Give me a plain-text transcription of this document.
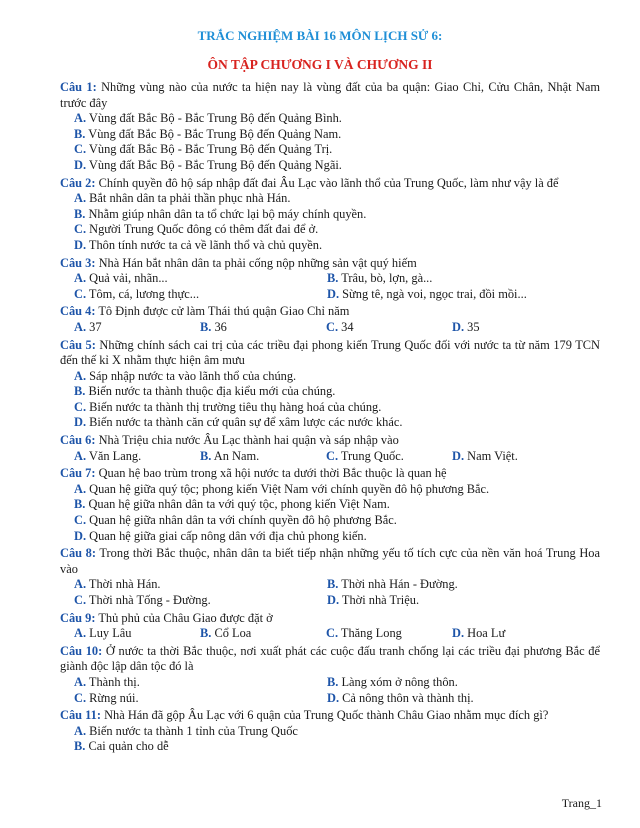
TRẮC NGHIỆM BÀI 16 MÔN LỊCH SỬ 6:
ÔN TẬP CHƯƠNG I VÀ CHƯƠNG II
Câu 1: Những vùng nào của nước ta hiện nay là vùng đất của ba quận: Giao Chỉ, Cửu Chân, Nhật Nam trước đây
A. Vùng đất Bắc Bộ - Bắc Trung Bộ đến Quảng Bình.
B. Vùng đất Bắc Bộ - Bắc Trung Bộ đến Quảng Nam.
C. Vùng đất Bắc Bộ - Bắc Trung Bộ đến Quảng Trị.
D. Vùng đất Bắc Bộ - Bắc Trung Bộ đến Quảng Ngãi.
Câu 2: Chính quyền đô hộ sáp nhập đất đai Âu Lạc vào lãnh thổ của Trung Quốc, làm như vậy là để
A. Bắt nhân dân ta phải thần phục nhà Hán.
B. Nhằm giúp nhân dân ta tổ chức lại bộ máy chính quyền.
C. Người Trung Quốc đông có thêm đất đai để ở.
D. Thôn tính nước ta cả về lãnh thổ và chủ quyền.
Câu 3: Nhà Hán bắt nhân dân ta phải cống nộp những sản vật quý hiếm
A. Quả vải, nhãn...	B. Trâu, bò, lợn, gà...
C. Tôm, cá, lương thực...	D. Sừng tê, ngà voi, ngọc trai, đồi mồi...
Câu 4: Tô Định được cử làm Thái thú quận Giao Chỉ năm
A. 37	B. 36	C. 34	D. 35
Câu 5: Những chính sách cai trị của các triều đại phong kiến Trung Quốc đối với nước ta từ năm 179 TCN đến thế kỉ X nhằm thực hiện âm mưu
A. Sáp nhập nước ta vào lãnh thổ của chúng.
B. Biến nước ta thành thuộc địa kiểu mới của chúng.
C. Biến nước ta thành thị trường tiêu thụ hàng hoá của chúng.
D. Biến nước ta thành căn cứ quân sự để xâm lược các nước khác.
Câu 6: Nhà Triệu chia nước Âu Lạc thành hai quận và sáp nhập vào
A. Văn Lang.	B. An Nam.	C. Trung Quốc.	D. Nam Việt.
Câu 7: Quan hệ bao trùm trong xã hội nước ta dưới thời Bắc thuộc là quan hệ
A. Quan hệ giữa quý tộc; phong kiến Việt Nam với chính quyền đô hộ phương Bắc.
B. Quan hệ giữa nhân dân ta với quý tộc, phong kiến Việt Nam.
C. Quan hệ giữa nhân dân ta với chính quyền đô hộ phương Bắc.
D. Quan hệ giữa giai cấp nông dân với địa chủ phong kiến.
Câu 8: Trong thời Bắc thuộc, nhân dân ta biết tiếp nhận những yếu tố tích cực của nền văn hoá Trung Hoa vào
A. Thời nhà Hán.	B. Thời nhà Hán - Đường.
C. Thời nhà Tống - Đường.	D. Thời nhà Triệu.
Câu 9: Thủ phủ của Châu Giao được đặt ở
A. Luy Lâu	B. Cổ Loa	C. Thăng Long	D. Hoa Lư
Câu 10: Ở nước ta thời Bắc thuộc, nơi xuất phát các cuộc đấu tranh chống lại các triều đại phương Bắc để giành độc lập dân tộc đó là
A. Thành thị.	B. Làng xóm ở nông thôn.
C. Rừng núi.	D. Cả nông thôn và thành thị.
Câu 11: Nhà Hán đã gộp Âu Lạc với 6 quận của Trung Quốc thành Châu Giao nhằm mục đích gì?
A. Biến nước ta thành 1 tỉnh của Trung Quốc
B. Cai quản cho dễ
Trang_1
